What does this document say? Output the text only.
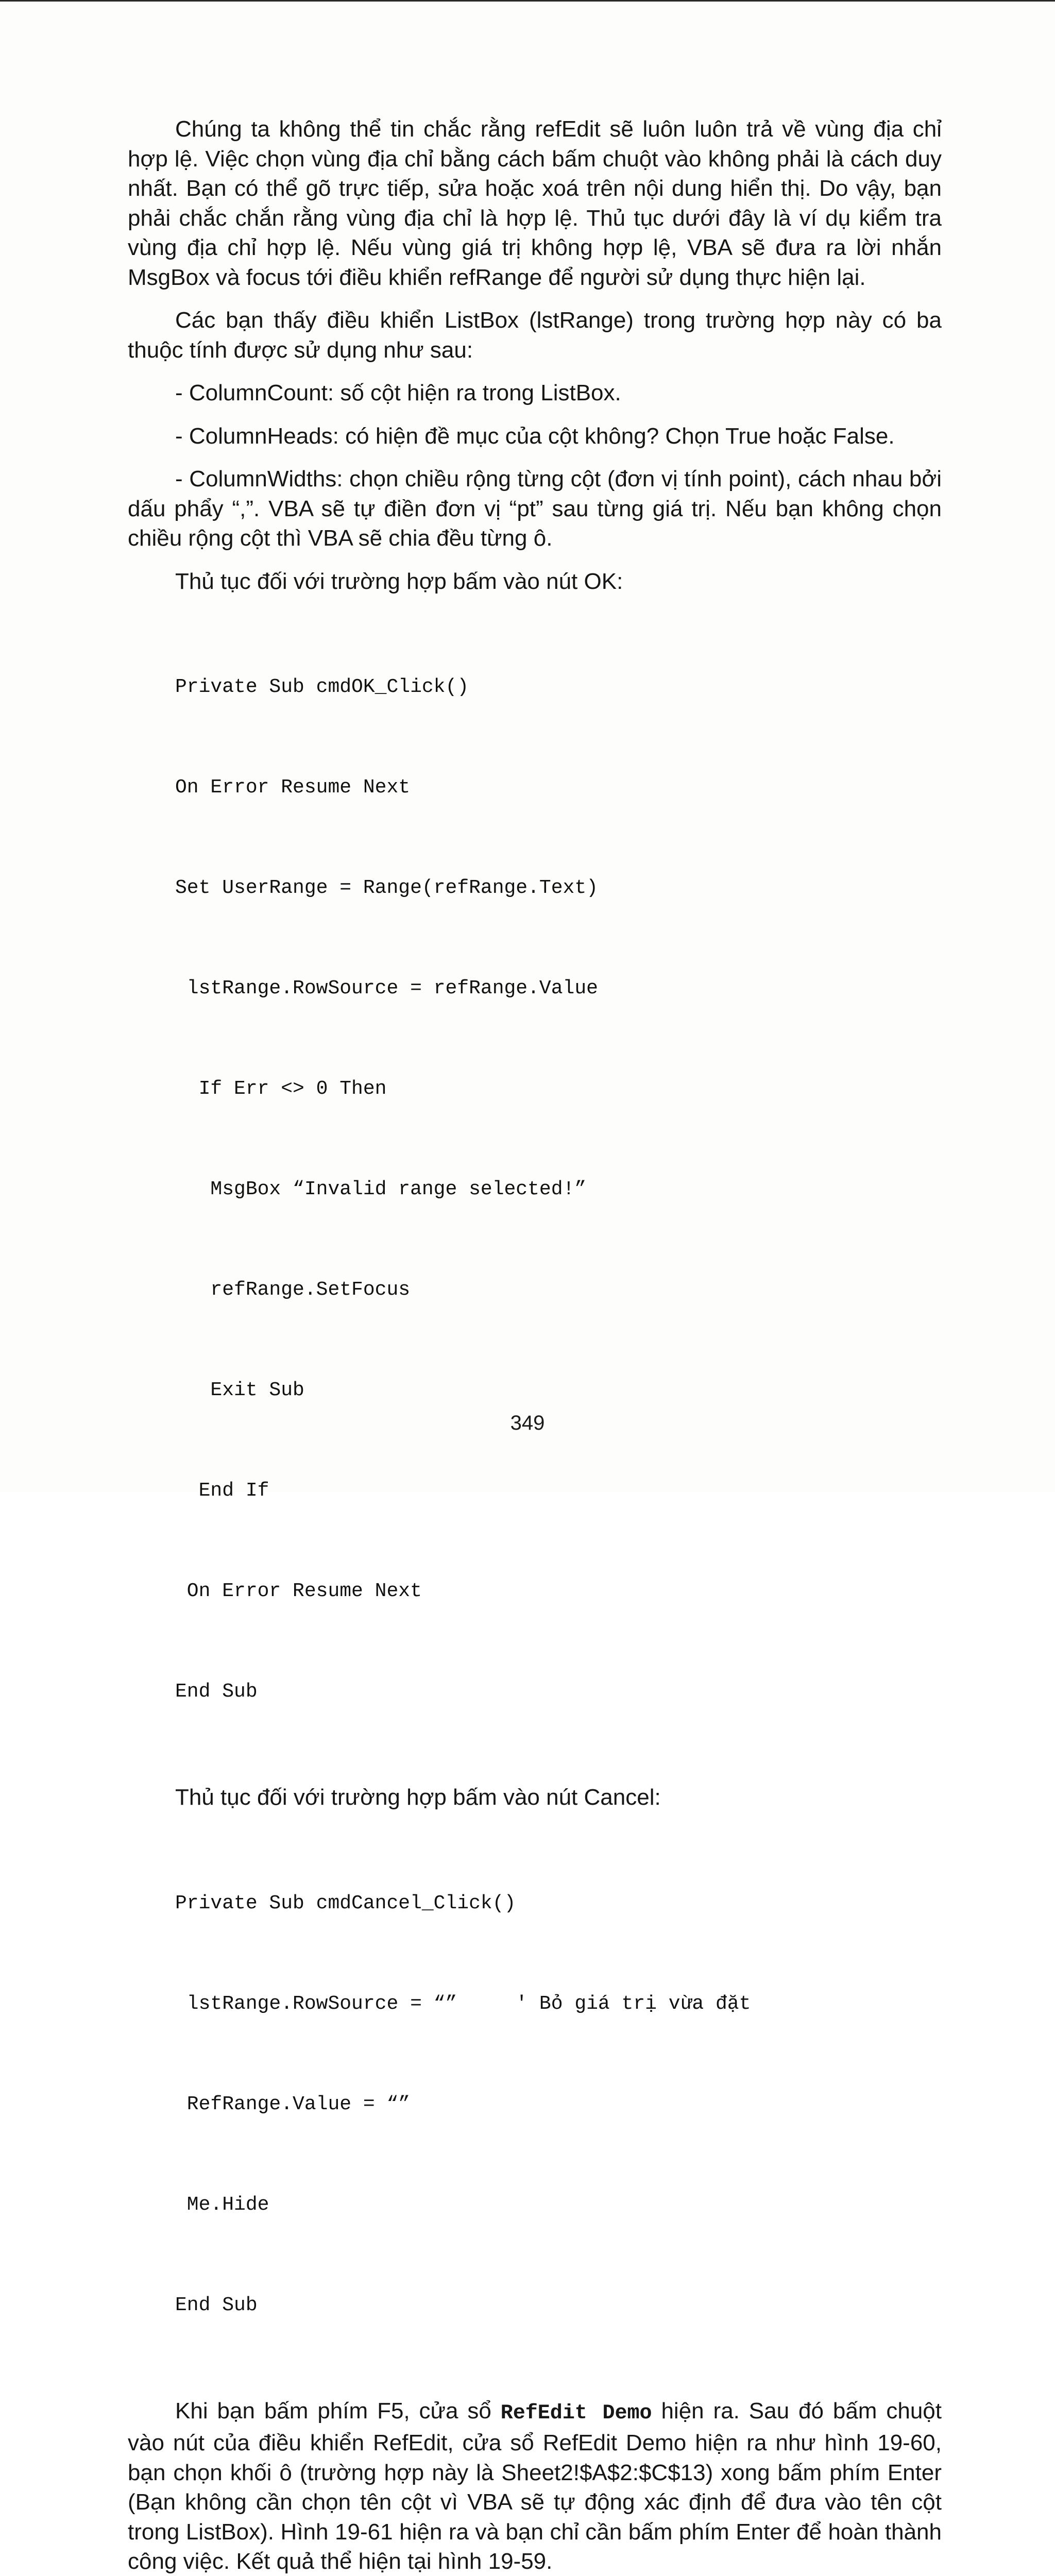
Chúng ta không thể tin chắc rằng refEdit sẽ luôn luôn trả về vùng địa chỉ hợp lệ. Việc chọn vùng địa chỉ bằng cách bấm chuột vào không phải là cách duy nhất. Bạn có thể gõ trực tiếp, sửa hoặc xoá trên nội dung hiển thị. Do vậy, bạn phải chắc chắn rằng vùng địa chỉ là hợp lệ. Thủ tục dưới đây là ví dụ kiểm tra vùng địa chỉ hợp lệ. Nếu vùng giá trị không hợp lệ, VBA sẽ đưa ra lời nhắn MsgBox và focus tới điều khiển refRange để người sử dụng thực hiện lại.

Các bạn thấy điều khiển ListBox (lstRange) trong trường hợp này có ba thuộc tính được sử dụng như sau:

- ColumnCount: số cột hiện ra trong ListBox.

- ColumnHeads: có hiện đề mục của cột không? Chọn True hoặc False.

- ColumnWidths: chọn chiều rộng từng cột (đơn vị tính point), cách nhau bởi dấu phẩy “,”. VBA sẽ tự điền đơn vị “pt” sau từng giá trị. Nếu bạn không chọn chiều rộng cột thì VBA sẽ chia đều từng ô.

Thủ tục đối với trường hợp bấm vào nút OK:

Private Sub cmdOK_Click()

On Error Resume Next

Set UserRange = Range(refRange.Text)

lstRange.RowSource = refRange.Value

If Err <> 0 Then

MsgBox “Invalid range selected!”

refRange.SetFocus

Exit Sub

End If

On Error Resume Next

End Sub

Thủ tục đối với trường hợp bấm vào nút Cancel:

Private Sub cmdCancel_Click()

lstRange.RowSource = “”     ' Bỏ giá trị vừa đặt

RefRange.Value = “”

Me.Hide

End Sub

Khi bạn bấm phím F5, cửa sổ RefEdit Demo hiện ra. Sau đó bấm chuột vào nút của điều khiển RefEdit, cửa sổ RefEdit Demo hiện ra như hình 19-60, bạn chọn khối ô (trường hợp này là Sheet2!$A$2:$C$13) xong bấm phím Enter (Bạn không cần chọn tên cột vì VBA sẽ tự động xác định để đưa vào tên cột trong ListBox). Hình 19-61 hiện ra và bạn chỉ cần bấm phím Enter để hoàn thành công việc. Kết quả thể hiện tại hình 19-59.

349
